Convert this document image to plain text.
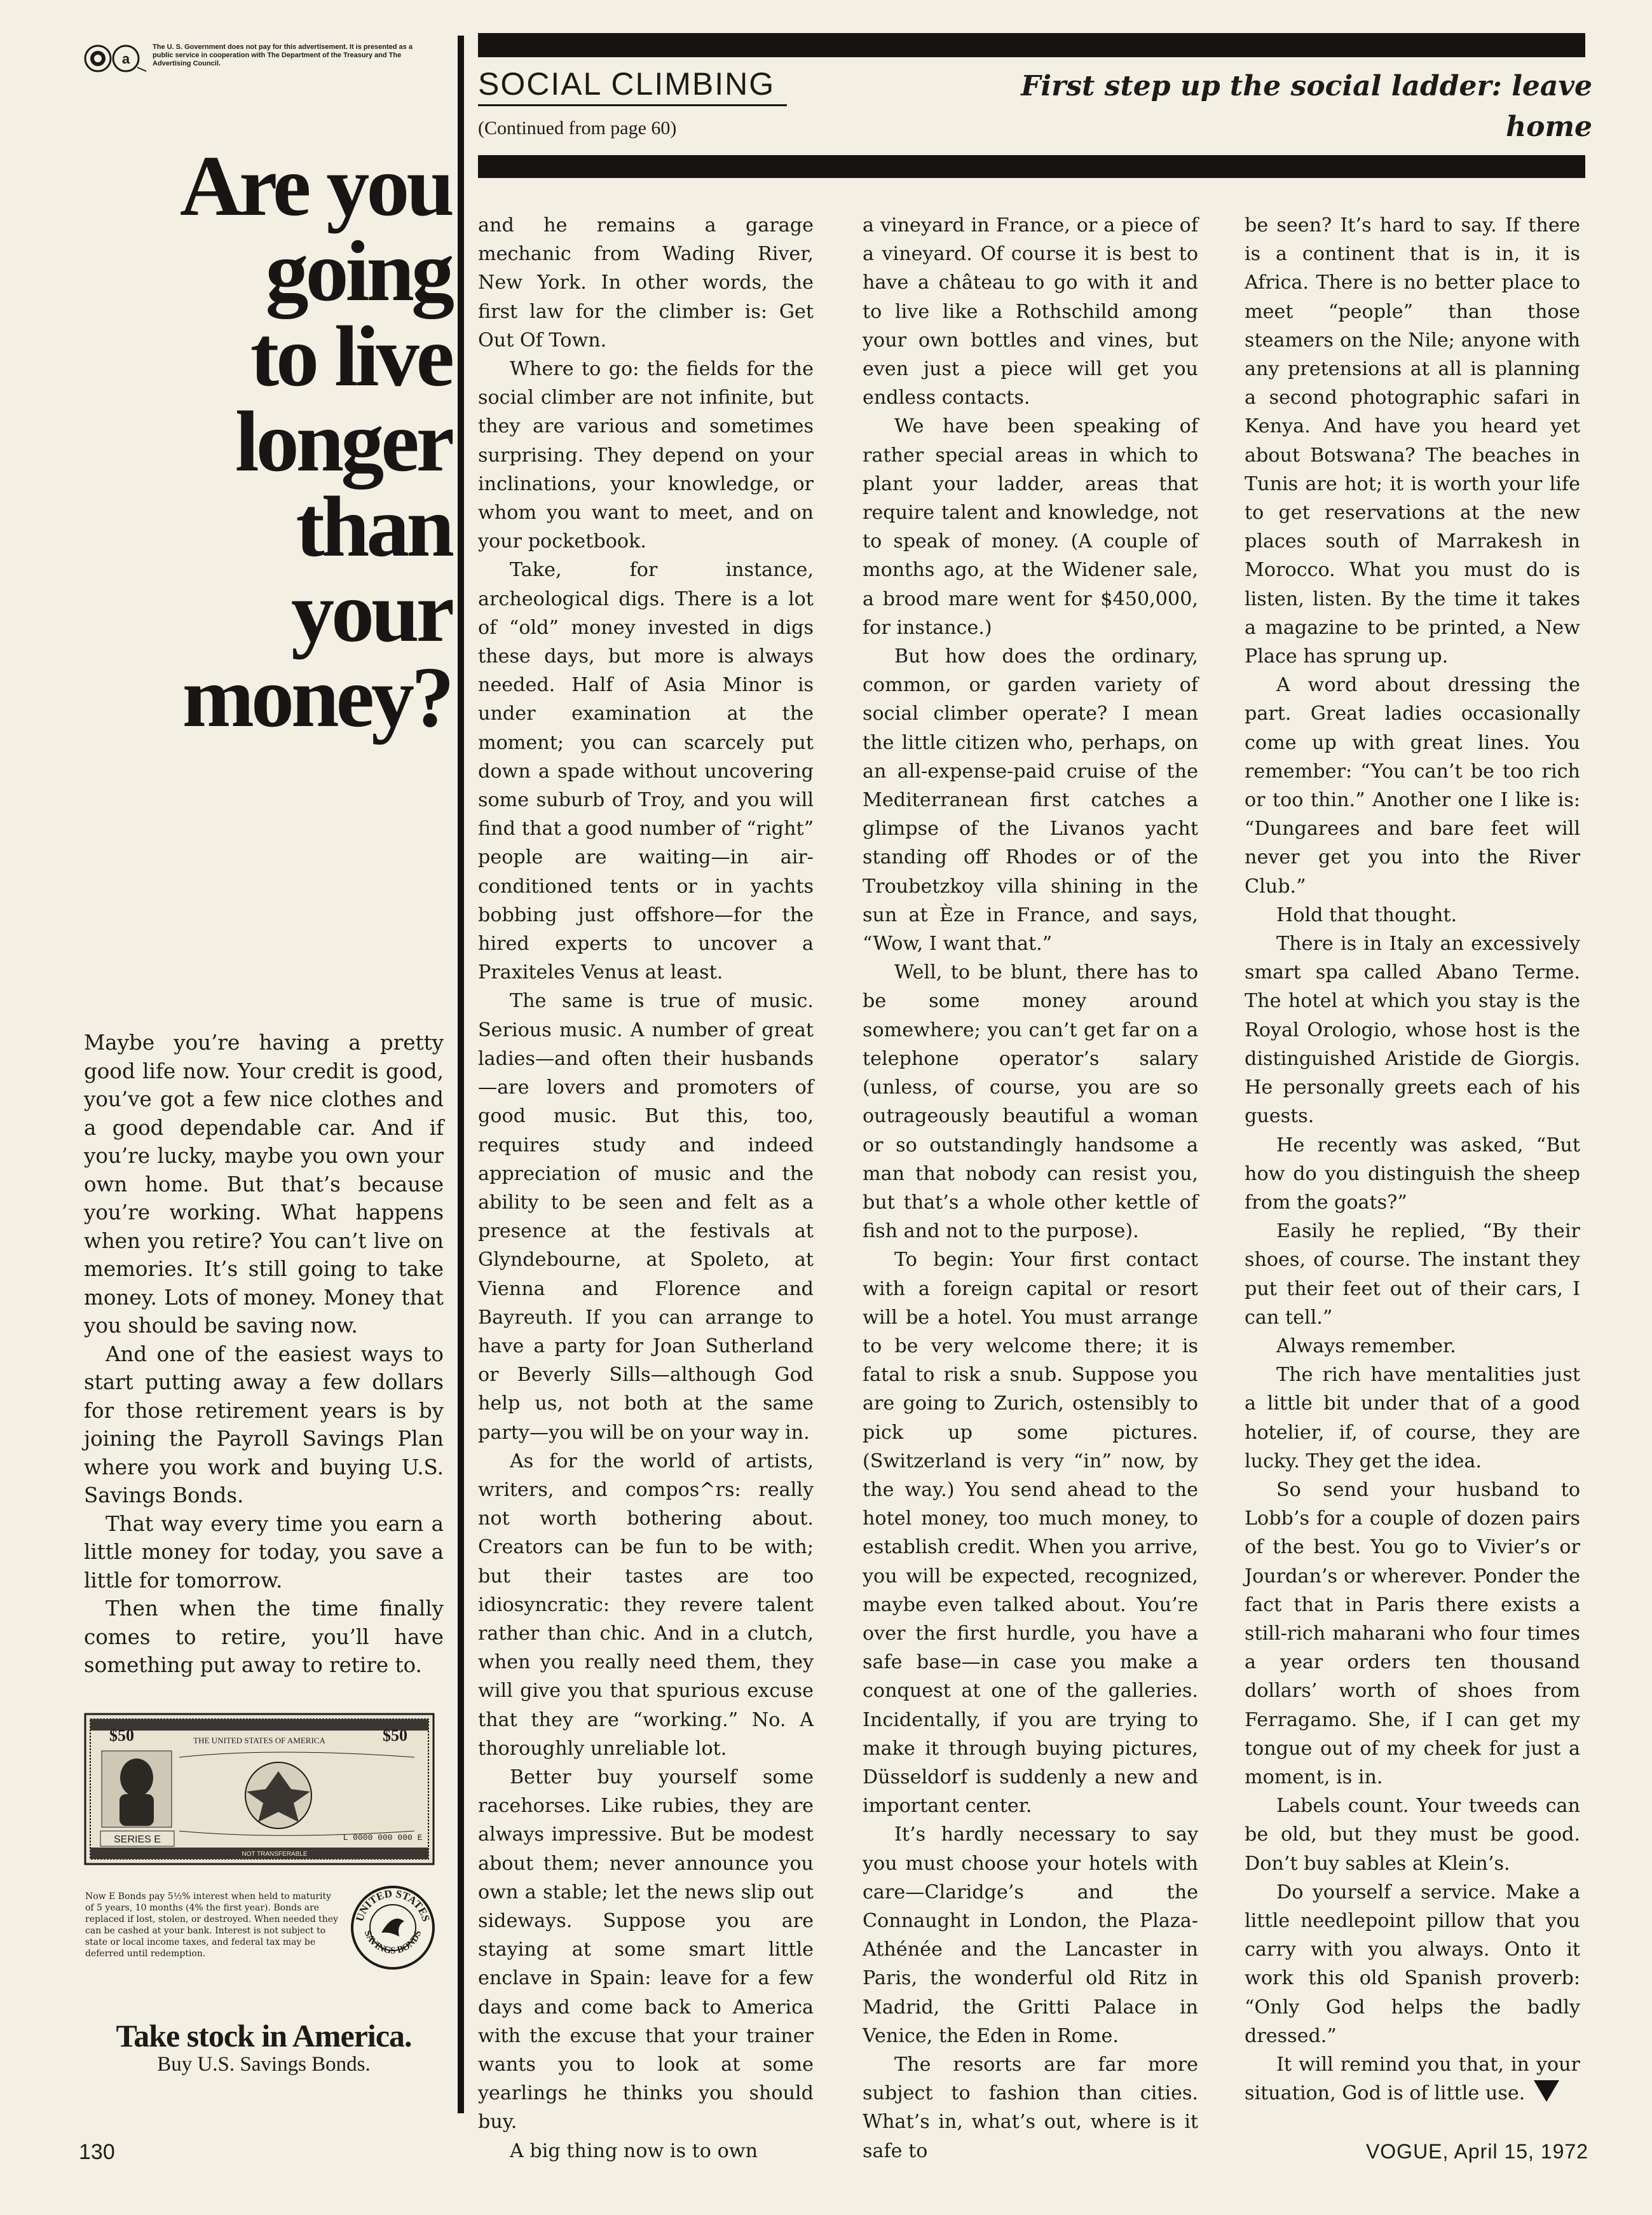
a
The U. S. Government does not pay for this advertisement. It is presented as a public service in cooperation with The Department of the Treasury and The Advertising Council.
Are you
going
to live
longer
than
your
money?

Maybe you’re having a pretty good life now. Your credit is good, you’ve got a few nice clothes and a good dependable car. And if you’re lucky, maybe you own your own home. But that’s because you’re working. What happens when you retire? You can’t live on memories. It’s still going to take money. Lots of money. Money that you should be saving now.

And one of the easiest ways to start putting away a few dollars for those retirement years is by joining the Payroll Savings Plan where you work and buying U.S. Savings Bonds.

That way every time you earn a little money for today, you save a little for tomorrow.

Then when the time finally comes to retire, you’ll have something put away to retire to.

$50	$50
THE UNITED STATES OF AMERICA
SERIES E	L 0000 000 000 E
NOT TRANSFERABLE
Now E Bonds pay 5½% interest when held to maturity of 5 years, 10 months (4% the first year). Bonds are replaced if lost, stolen, or destroyed. When needed they can be cashed at your bank. Interest is not subject to state or local income taxes, and federal tax may be deferred until redemption.
UNITED STATES
SAVINGS BONDS
Take stock in America.
Buy U.S. Savings Bonds.
130
SOCIAL CLIMBING
(Continued from page 60)
First step up the social ladder: leave home

and he remains a garage mechanic from Wading River, New York. In other words, the first law for the climber is: Get Out Of Town.

Where to go: the fields for the social climber are not infinite, but they are various and sometimes surprising. They depend on your inclinations, your knowledge, or whom you want to meet, and on your pocketbook.

Take, for instance, archeological digs. There is a lot of “old” money invested in digs these days, but more is always needed. Half of Asia Minor is under examination at the moment; you can scarcely put down a spade without uncovering some suburb of Troy, and you will find that a good number of “right” people are waiting—in air-conditioned tents or in yachts bobbing just offshore—for the hired experts to uncover a Praxiteles Venus at least.

The same is true of music. Serious music. A number of great ladies—and often their husbands—are lovers and promoters of good music. But this, too, requires study and indeed appreciation of music and the ability to be seen and felt as a presence at the festivals at Glyndebourne, at Spoleto, at Vienna and Florence and Bayreuth. If you can arrange to have a party for Joan Sutherland or Beverly Sills—although God help us, not both at the same party—you will be on your way in.

As for the world of artists, writers, and compos^rs: really not worth bothering about. Creators can be fun to be with; but their tastes are too idiosyncratic: they revere talent rather than chic. And in a clutch, when you really need them, they will give you that spurious excuse that they are “working.” No. A thoroughly unreliable lot.

Better buy yourself some racehorses. Like rubies, they are always impressive. But be modest about them; never announce you own a stable; let the news slip out sideways. Suppose you are staying at some smart little enclave in Spain: leave for a few days and come back to America with the excuse that your trainer wants you to look at some yearlings he thinks you should buy.

A big thing now is to own

a vineyard in France, or a piece of a vineyard. Of course it is best to have a château to go with it and to live like a Rothschild among your own bottles and vines, but even just a piece will get you endless contacts.

We have been speaking of rather special areas in which to plant your ladder, areas that require talent and knowledge, not to speak of money. (A couple of months ago, at the Widener sale, a brood mare went for $450,000, for instance.)

But how does the ordinary, common, or garden variety of social climber operate? I mean the little citizen who, perhaps, on an all-expense-paid cruise of the Mediterranean first catches a glimpse of the Livanos yacht standing off Rhodes or of the Troubetzkoy villa shining in the sun at Èze in France, and says, “Wow, I want that.”

Well, to be blunt, there has to be some money around somewhere; you can’t get far on a telephone operator’s salary (unless, of course, you are so outrageously beautiful a woman or so outstandingly handsome a man that nobody can resist you, but that’s a whole other kettle of fish and not to the purpose).

To begin: Your first contact with a foreign capital or resort will be a hotel. You must arrange to be very welcome there; it is fatal to risk a snub. Suppose you are going to Zurich, ostensibly to pick up some pictures. (Switzerland is very “in” now, by the way.) You send ahead to the hotel money, too much money, to establish credit. When you arrive, you will be expected, recognized, maybe even talked about. You’re over the first hurdle, you have a safe base—in case you make a conquest at one of the galleries. Incidentally, if you are trying to make it through buying pictures, Düsseldorf is suddenly a new and important center.

It’s hardly necessary to say you must choose your hotels with care—Claridge’s and the Connaught in London, the Plaza-Athénée and the Lancaster in Paris, the wonderful old Ritz in Madrid, the Gritti Palace in Venice, the Eden in Rome.

The resorts are far more subject to fashion than cities. What’s in, what’s out, where is it safe to

be seen? It’s hard to say. If there is a continent that is in, it is Africa. There is no better place to meet “people” than those steamers on the Nile; anyone with any pretensions at all is planning a second photographic safari in Kenya. And have you heard yet about Botswana? The beaches in Tunis are hot; it is worth your life to get reservations at the new places south of Marrakesh in Morocco. What you must do is listen, listen. By the time it takes a magazine to be printed, a New Place has sprung up.

A word about dressing the part. Great ladies occasionally come up with great lines. You remember: “You can’t be too rich or too thin.” Another one I like is: “Dungarees and bare feet will never get you into the River Club.”

Hold that thought.

There is in Italy an excessively smart spa called Abano Terme. The hotel at which you stay is the Royal Orologio, whose host is the distinguished Aristide de Giorgis. He personally greets each of his guests.

He recently was asked, “But how do you distinguish the sheep from the goats?”

Easily he replied, “By their shoes, of course. The instant they put their feet out of their cars, I can tell.”

Always remember.

The rich have mentalities just a little bit under that of a good hotelier, if, of course, they are lucky. They get the idea.

So send your husband to Lobb’s for a couple of dozen pairs of the best. You go to Vivier’s or Jourdan’s or wherever. Ponder the fact that in Paris there exists a still-rich maharani who four times a year orders ten thousand dollars’ worth of shoes from Ferragamo. She, if I can get my tongue out of my cheek for just a moment, is in.

Labels count. Your tweeds can be old, but they must be good. Don’t buy sables at Klein’s.

Do yourself a service. Make a little needlepoint pillow that you carry with you always. Onto it work this old Spanish proverb: “Only God helps the badly dressed.”

It will remind you that, in your situation, God is of little use.

VOGUE, April 15, 1972
